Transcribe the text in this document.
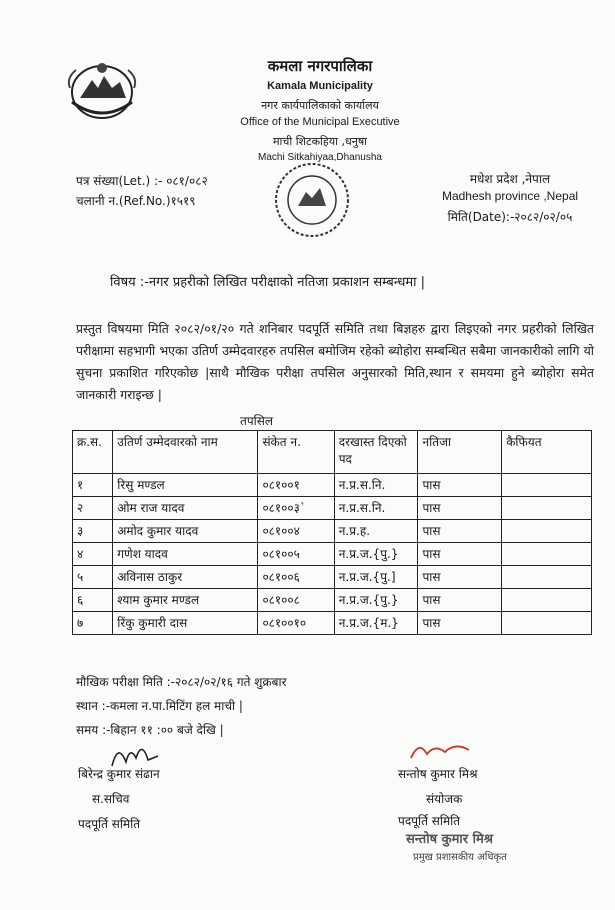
कमला नगरपालिका
Kamala Municipality
नगर कार्यपालिकाको कार्यालय
Office of the Municipal Executive
माची शिटकहिया ,धनुषा
Machi Sitkahiyaa,Dhanusha
पत्र संख्या(Let.) :- ०८१/०८२
चलानी न.(Ref.No.)१५१९
मधेश प्रदेश ,नेपाल
Madhesh province ,Nepal
मिति(Date):-२०८२/०२/०५
विषय :-नगर प्रहरीको लिखित परीक्षाको नतिजा प्रकाशन सम्बन्धमा |
प्रस्तुत विषयमा मिति २०८२/०१/२० गते शनिबार पदपूर्ति समिति तथा बिज्ञहरु द्वारा लिइएको नगर प्रहरीको लिखित परीक्षामा सहभागी भएका उतिर्ण उम्मेदवारहरु तपसिल बमोजिम रहेको ब्योहोरा सम्बन्धित सबैमा जानकारीको लागि यो सुचना प्रकाशित गरिएकोछ |साथै मौखिक परीक्षा तपसिल अनुसारको मिति,स्थान र समयमा हुने ब्योहोरा समेत जानकारी गराइन्छ |
तपसिल
क्र.स.	उतिर्ण उम्मेदवारको नाम	संकेत न.	दरखास्त दिएको पद	नतिजा	कैफियत
१	रिसु मण्डल	०८१००१	न.प्र.स.नि.	पास	
२	ओम राज यादव	०८१००३`	न.प्र.स.नि.	पास	
३	अमोद कुमार यादव	०८१००४	न.प्र.ह.	पास	
४	गणेश यादव	०८१००५	न.प्र.ज.{पु.}	पास	
५	अविनास ठाकुर	०८१००६	न.प्र.ज.{पु.]	पास	
६	श्याम कुमार मण्डल	०८१००८	न.प्र.ज.{पु.}	पास	
७	रिंकु कुमारी दास	०८१००१०	न.प्र.ज.{म.}	पास	
मौखिक परीक्षा मिति :-२०८२/०२/१६ गते शुक्रबार
स्थान :-कमला न.पा.मिटिंग हल माची |
समय :-बिहान ११ :०० बजे देखि |
बिरेन्द्र कुमार संढान
स.सचिव
पदपूर्ति समिति
सन्तोष कुमार मिश्र
संयोजक
पदपूर्ति समिति
सन्तोष कुमार मिश्र
प्रमुख प्रशासकीय अधिकृत
